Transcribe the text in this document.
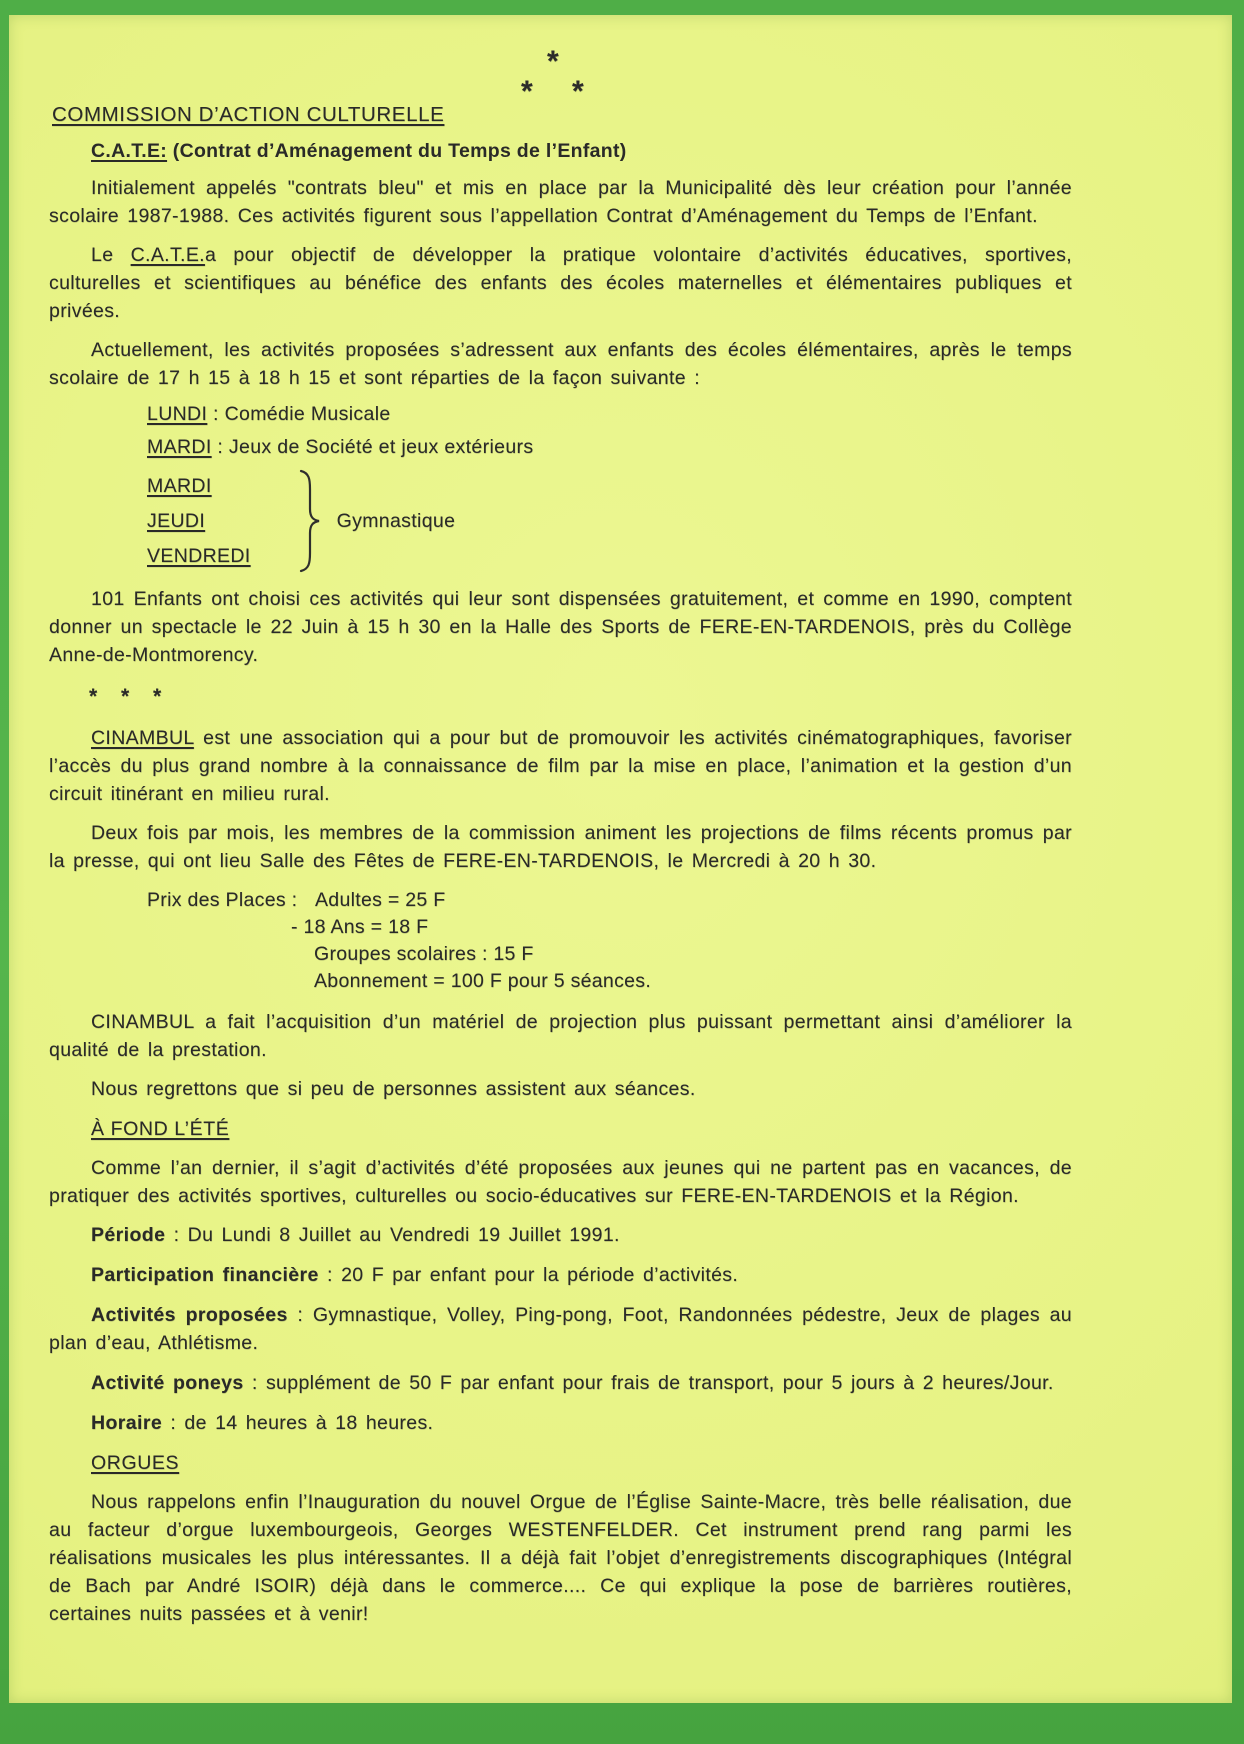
*
* *
COMMISSION D’ACTION CULTURELLE

C.A.T.E: (Contrat d’Aménagement du Temps de l’Enfant)

Initialement appelés "contrats bleu" et mis en place par la Municipalité dès leur création pour l’année scolaire 1987-1988. Ces activités figurent sous l’appellation Contrat d’Aménagement du Temps de l’Enfant.

Le C.A.T.E.a pour objectif de développer la pratique volontaire d’activités éducatives, sportives, culturelles et scientifiques au bénéfice des enfants des écoles maternelles et élémentaires publiques et privées.

Actuellement, les activités proposées s’adressent aux enfants des écoles élémentaires, après le temps scolaire de 17 h 15 à 18 h 15 et sont réparties de la façon suivante :

LUNDI : Comédie Musicale

MARDI : Jeux de Société et jeux extérieurs

MARDI

JEUDI

VENDREDI

Gymnastique

101 Enfants ont choisi ces activités qui leur sont dispensées gratuitement, et comme en 1990, comptent donner un spectacle le 22 Juin à 15 h 30 en la Halle des Sports de FERE-EN-TARDENOIS, près du Collège Anne-de-Montmorency.

* * *

CINAMBUL est une association qui a pour but de promouvoir les activités cinématographiques, favoriser l’accès du plus grand nombre à la connaissance de film par la mise en place, l’animation et la gestion d’un circuit itinérant en milieu rural.

Deux fois par mois, les membres de la commission animent les projections de films récents promus par la presse, qui ont lieu Salle des Fêtes de FERE-EN-TARDENOIS, le Mercredi à 20 h 30.

Prix des Places : Adultes = 25 F

- 18 Ans = 18 F

Groupes scolaires : 15 F

Abonnement = 100 F pour 5 séances.

CINAMBUL a fait l’acquisition d’un matériel de projection plus puissant permettant ainsi d’améliorer la qualité de la prestation.

Nous regrettons que si peu de personnes assistent aux séances.

À FOND L’ÉTÉ

Comme l’an dernier, il s’agit d’activités d’été proposées aux jeunes qui ne partent pas en vacances, de pratiquer des activités sportives, culturelles ou socio-éducatives sur FERE-EN-TARDENOIS et la Région.

Période : Du Lundi 8 Juillet au Vendredi 19 Juillet 1991.

Participation financière : 20 F par enfant pour la période d’activités.

Activités proposées : Gymnastique, Volley, Ping-pong, Foot, Randonnées pédestre, Jeux de plages au plan d’eau, Athlétisme.

Activité poneys : supplément de 50 F par enfant pour frais de transport, pour 5 jours à 2 heures/Jour.

Horaire : de 14 heures à 18 heures.

ORGUES

Nous rappelons enfin l’Inauguration du nouvel Orgue de l’Église Sainte-Macre, très belle réalisation, due au facteur d’orgue luxembourgeois, Georges WESTENFELDER. Cet instrument prend rang parmi les réalisations musicales les plus intéressantes. Il a déjà fait l’objet d’enregistrements discographiques (Intégral de Bach par André ISOIR) déjà dans le commerce.... Ce qui explique la pose de barrières routières, certaines nuits passées et à venir!
